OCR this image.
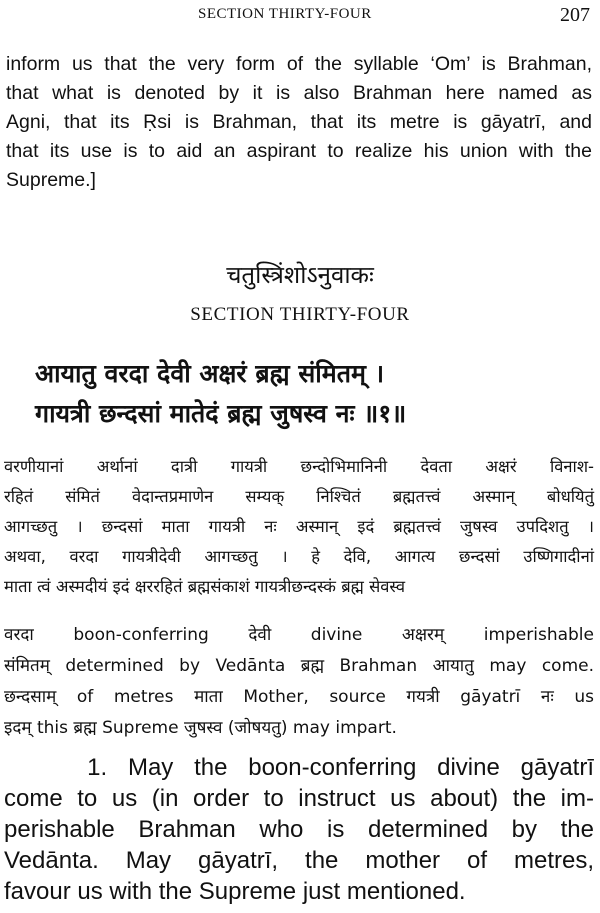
SECTION THIRTY-FOUR	207

inform us that the very form of the syllable ‘Om’ is Brahman,
that what is denoted by it is also Brahman here named as
Agni, that its Ṛsi is Brahman, that its metre is gāyatrī, and
that its use is to aid an aspirant to realize his union with the
Supreme.]

चतुस्त्रिंशोऽनुवाकः
SECTION THIRTY-FOUR
आयातु वरदा देवी अक्षरं ब्रह्म संमितम् ।
गायत्री छन्दसां मातेदं ब्रह्म जुषस्व नः ॥१॥
वरणीयानां अर्थानां दात्री गायत्री छन्दोभिमानिनी देवता अक्षरं विनाश-
रहितं संमितं वेदान्तप्रमाणेन सम्यक् निश्चितं ब्रह्मतत्त्वं अस्मान् बोधयितुं
आगच्छतु । छन्दसां माता गायत्री नः अस्मान् इदं ब्रह्मतत्त्वं जुषस्व उपदिशतु ।
अथवा, वरदा गायत्रीदेवी आगच्छतु । हे देवि, आगत्य छन्दसां उष्णिगादीनां
माता त्वं अस्मदीयं इदं क्षररहितं ब्रह्मसंकाशं गायत्रीछन्दस्कं ब्रह्म सेवस्व
वरदा boon-conferring देवी divine अक्षरम् imperishable
संमितम् determined by Vedānta ब्रह्म Brahman आयातु may come.
छन्दसाम् of metres माता Mother, source गयत्री gāyatrī नः us
इदम् this ब्रह्म Supreme जुषस्व (जोषयतु) may impart.
1. May the boon-conferring divine gāyatrī
come to us (in order to instruct us about) the im-
perishable Brahman who is determined by the
Vedānta. May gāyatrī, the mother of metres,
favour us with the Supreme just mentioned.
